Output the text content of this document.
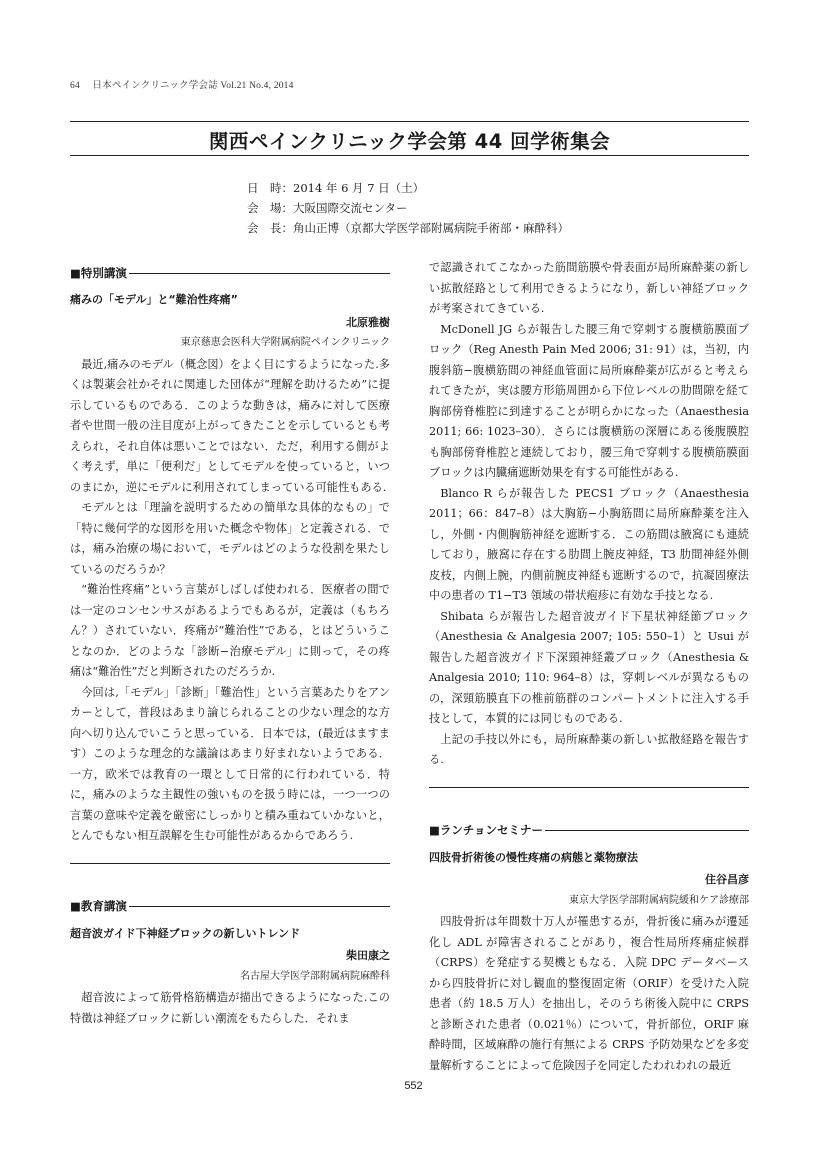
64 日本ペインクリニック学会誌 Vol.21 No.4, 2014
関西ペインクリニック学会第 44 回学術集会
日　時：2014 年 6 月 7 日（土）
会　場：大阪国際交流センター
会　長：角山正博（京都大学医学部附属病院手術部・麻酔科）
■特別講演
痛みの「モデル」と“難治性疼痛”
北原雅樹
東京慈恵会医科大学附属病院ペインクリニック

最近,痛みのモデル（概念図）をよく目にするようになった.多くは製薬会社かそれに関連した団体が“理解を助けるため”に提示しているものである．このような動きは，痛みに対して医療者や世間一般の注目度が上がってきたことを示しているとも考えられ，それ自体は悪いことではない．ただ，利用する側がよく考えず，単に「便利だ」としてモデルを使っていると，いつのまにか，逆にモデルに利用されてしまっている可能性もある.

モデルとは「理論を説明するための簡単な具体的なもの」で「特に幾何学的な図形を用いた概念や物体」と定義される．では，痛み治療の場において，モデルはどのような役割を果たしているのだろうか？

“難治性疼痛”という言葉がしばしば使われる．医療者の間では一定のコンセンサスがあるようでもあるが，定義は（もちろん？）されていない．疼痛が“難治性”である，とはどういうことなのか．どのような「診断−治療モデル」に則って，その疼痛は“難治性”だと判断されたのだろうか.

今回は,「モデル」「診断」「難治性」という言葉あたりをアンカーとして，普段はあまり論じられることの少ない理念的な方向へ切り込んでいこうと思っている．日本では，(最近はますます）このような理念的な議論はあまり好まれないようである．一方，欧米では教育の一環として日常的に行われている．特に，痛みのような主観性の強いものを扱う時には，一つ一つの言葉の意味や定義を厳密にしっかりと積み重ねていかないと，とんでもない相互誤解を生む可能性があるからであろう.

■教育講演
超音波ガイド下神経ブロックの新しいトレンド
柴田康之
名古屋大学医学部附属病院麻酔科

超音波によって筋骨格筋構造が描出できるようになった.この特徴は神経ブロックに新しい潮流をもたらした．それま

で認識されてこなかった筋間筋膜や骨表面が局所麻酔薬の新しい拡散経路として利用できるようになり，新しい神経ブロックが考案されてきている.

McDonell JG らが報告した腰三角で穿刺する腹横筋膜面ブロック（Reg Anesth Pain Med 2006; 31: 91）は，当初，内腹斜筋−腹横筋間の神経血管面に局所麻酔薬が広がると考えられてきたが，実は腰方形筋周囲から下位レベルの肋間隙を経て胸部傍脊椎腔に到達することが明らかになった（Anaesthesia 2011; 66: 1023–30）．さらには腹横筋の深層にある後腹膜腔も胸部傍脊椎腔と連続しており，腰三角で穿刺する腹横筋膜面ブロックは内臓痛遮断効果を有する可能性がある.

Blanco R らが報告した PECS1 ブロック（Anaesthesia 2011；66：847–8）は大胸筋−小胸筋間に局所麻酔薬を注入し，外側・内側胸筋神経を遮断する．この筋間は腋窩にも連続しており，腋窩に存在する肋間上腕皮神経，T3 肋間神経外側皮枝，内側上腕，内側前腕皮神経も遮断するので，抗凝固療法中の患者の T1−T3 領域の帯状疱疹に有効な手技となる.

Shibata らが報告した超音波ガイド下星状神経節ブロック（Anesthesia & Analgesia 2007; 105: 550–1）と Usui が報告した超音波ガイド下深頸神経叢ブロック（Anesthesia & Analgesia 2010; 110: 964–8）は，穿刺レベルが異なるものの，深頸筋膜直下の椎前筋群のコンパートメントに注入する手技として，本質的には同じものである.

上記の手技以外にも，局所麻酔薬の新しい拡散経路を報告する.

■ランチョンセミナー
四肢骨折術後の慢性疼痛の病態と薬物療法
住谷昌彦
東京大学医学部附属病院緩和ケア診療部

四肢骨折は年間数十万人が罹患するが，骨折後に痛みが遷延化し ADL が障害されることがあり，複合性局所疼痛症候群（CRPS）を発症する契機ともなる．入院 DPC データベースから四肢骨折に対し観血的整復固定術（ORIF）を受けた入院患者（約 18.5 万人）を抽出し，そのうち術後入院中に CRPS と診断された患者（0.021％）について，骨折部位，ORIF 麻酔時間，区域麻酔の施行有無による CRPS 予防効果などを多変量解析することによって危険因子を同定したわれわれの最近

552
